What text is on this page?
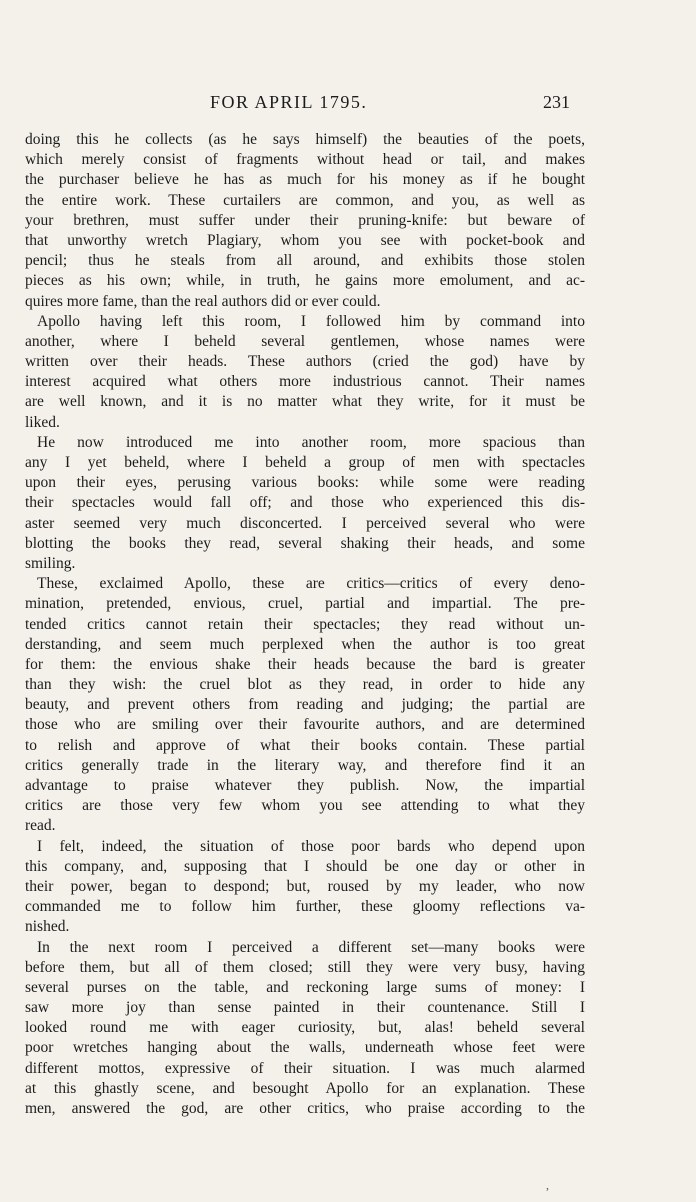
FOR APRIL 1795.	231
doing this he collects (as he says himself) the beauties of the poets,
which merely consist of fragments without head or tail, and makes
the purchaser believe he has as much for his money as if he bought
the entire work. These curtailers are common, and you, as well as
your brethren, must suffer under their pruning-knife: but beware of
that unworthy wretch Plagiary, whom you see with pocket-book and
pencil; thus he steals from all around, and exhibits those stolen
pieces as his own; while, in truth, he gains more emolument, and ac-
quires more fame, than the real authors did or ever could.
Apollo having left this room, I followed him by command into
another, where I beheld several gentlemen, whose names were
written over their heads. These authors (cried the god) have by
interest acquired what others more industrious cannot. Their names
are well known, and it is no matter what they write, for it must be
liked.
He now introduced me into another room, more spacious than
any I yet beheld, where I beheld a group of men with spectacles
upon their eyes, perusing various books: while some were reading
their spectacles would fall off; and those who experienced this dis-
aster seemed very much disconcerted. I perceived several who were
blotting the books they read, several shaking their heads, and some
smiling.
These, exclaimed Apollo, these are critics—critics of every deno-
mination, pretended, envious, cruel, partial and impartial. The pre-
tended critics cannot retain their spectacles; they read without un-
derstanding, and seem much perplexed when the author is too great
for them: the envious shake their heads because the bard is greater
than they wish: the cruel blot as they read, in order to hide any
beauty, and prevent others from reading and judging; the partial are
those who are smiling over their favourite authors, and are determined
to relish and approve of what their books contain. These partial
critics generally trade in the literary way, and therefore find it an
advantage to praise whatever they publish. Now, the impartial
critics are those very few whom you see attending to what they
read.
I felt, indeed, the situation of those poor bards who depend upon
this company, and, supposing that I should be one day or other in
their power, began to despond; but, roused by my leader, who now
commanded me to follow him further, these gloomy reflections va-
nished.
In the next room I perceived a different set—many books were
before them, but all of them closed; still they were very busy, having
several purses on the table, and reckoning large sums of money: I
saw more joy than sense painted in their countenance. Still I
looked round me with eager curiosity, but, alas! beheld several
poor wretches hanging about the walls, underneath whose feet were
different mottos, expressive of their situation. I was much alarmed
at this ghastly scene, and besought Apollo for an explanation. These
men, answered the god, are other critics, who praise according to the
,
